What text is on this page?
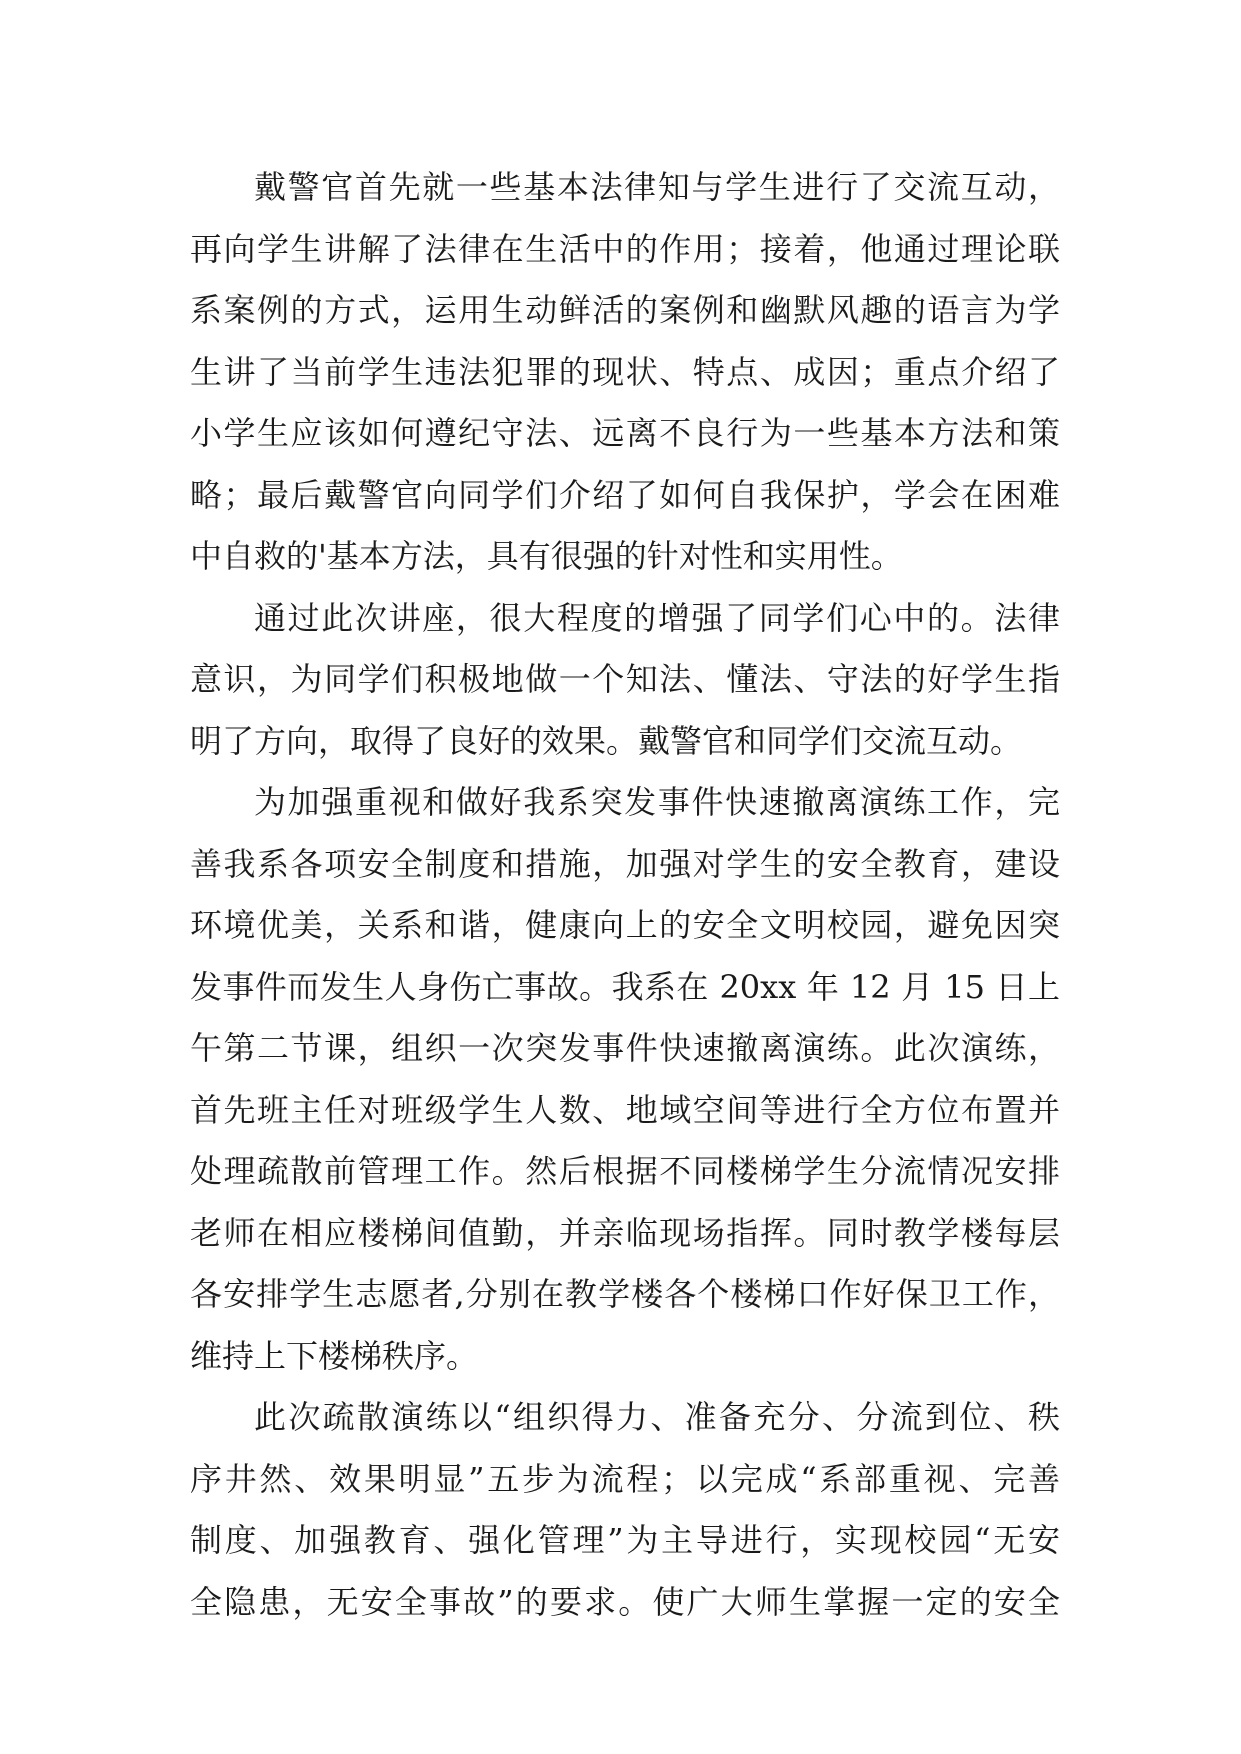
戴警官首先就一些基本法律知与学生进行了交流互动，
再向学生讲解了法律在生活中的作用；接着，他通过理论联
系案例的方式，运用生动鲜活的案例和幽默风趣的语言为学
生讲了当前学生违法犯罪的现状、特点、成因；重点介绍了
小学生应该如何遵纪守法、远离不良行为一些基本方法和策
略；最后戴警官向同学们介绍了如何自我保护，学会在困难
中自救的'基本方法，具有很强的针对性和实用性。

通过此次讲座，很大程度的增强了同学们心中的。法律
意识，为同学们积极地做一个知法、懂法、守法的好学生指
明了方向，取得了良好的效果。戴警官和同学们交流互动。

为加强重视和做好我系突发事件快速撤离演练工作，完
善我系各项安全制度和措施，加强对学生的安全教育，建设
环境优美，关系和谐，健康向上的安全文明校园，避免因突
发事件而发生人身伤亡事故。我系在 20xx 年 12 月 15 日上
午第二节课，组织一次突发事件快速撤离演练。此次演练，
首先班主任对班级学生人数、地域空间等进行全方位布置并
处理疏散前管理工作。然后根据不同楼梯学生分流情况安排
老师在相应楼梯间值勤，并亲临现场指挥。同时教学楼每层
各安排学生志愿者,分别在教学楼各个楼梯口作好保卫工作，
维持上下楼梯秩序。

此次疏散演练以“组织得力、准备充分、分流到位、秩
序井然、效果明显”五步为流程；以完成“系部重视、完善
制度、加强教育、强化管理”为主导进行，实现校园“无安
全隐患，无安全事故”的要求。使广大师生掌握一定的安全
